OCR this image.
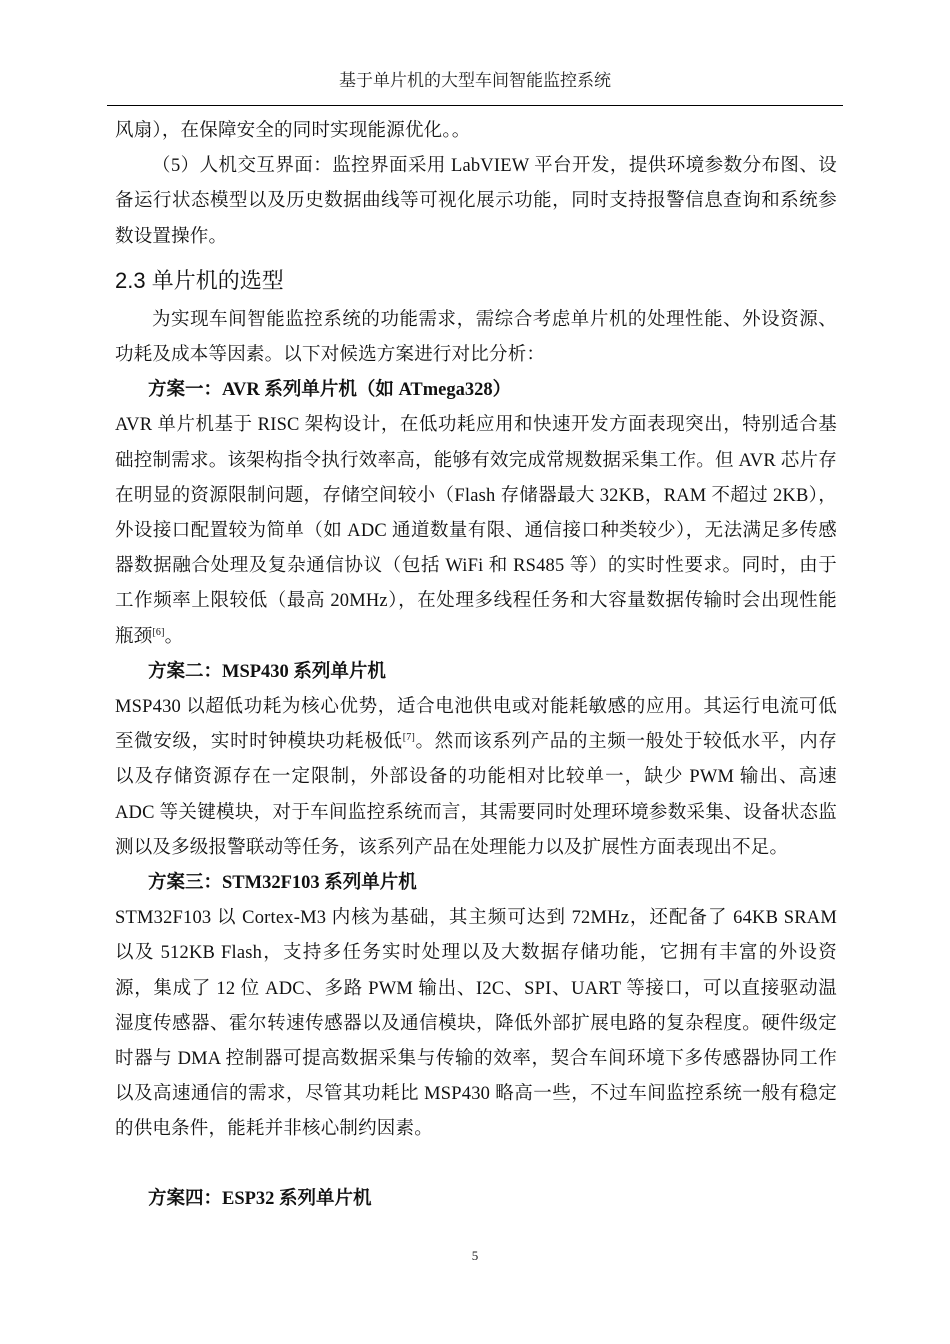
基于单片机的大型车间智能监控系统

风扇），在保障安全的同时实现能源优化。。

（5）人机交互界面：监控界面采用 LabVIEW 平台开发，提供环境参数分布图、设备运行状态模型以及历史数据曲线等可视化展示功能，同时支持报警信息查询和系统参数设置操作。

2.3 单片机的选型

为实现车间智能监控系统的功能需求，需综合考虑单片机的处理性能、外设资源、功耗及成本等因素。以下对候选方案进行对比分析：

方案一：AVR 系列单片机（如 ATmega328）

AVR 单片机基于 RISC 架构设计，在低功耗应用和快速开发方面表现突出，特别适合基础控制需求。该架构指令执行效率高，能够有效完成常规数据采集工作。但 AVR 芯片存在明显的资源限制问题，存储空间较小（Flash 存储器最大 32KB，RAM 不超过 2KB），外设接口配置较为简单（如 ADC 通道数量有限、通信接口种类较少），无法满足多传感器数据融合处理及复杂通信协议（包括 WiFi 和 RS485 等）的实时性要求。同时，由于工作频率上限较低（最高 20MHz），在处理多线程任务和大容量数据传输时会出现性能瓶颈[6]。

方案二：MSP430 系列单片机

MSP430 以超低功耗为核心优势，适合电池供电或对能耗敏感的应用。其运行电流可低至微安级，实时时钟模块功耗极低[7]。然而该系列产品的主频一般处于较低水平，内存以及存储资源存在一定限制，外部设备的功能相对比较单一，缺少 PWM 输出、高速 ADC 等关键模块，对于车间监控系统而言，其需要同时处理环境参数采集、设备状态监测以及多级报警联动等任务，该系列产品在处理能力以及扩展性方面表现出不足。

方案三：STM32F103 系列单片机

STM32F103 以 Cortex-M3 内核为基础，其主频可达到 72MHz，还配备了 64KB SRAM 以及 512KB Flash，支持多任务实时处理以及大数据存储功能，它拥有丰富的外设资源，集成了 12 位 ADC、多路 PWM 输出、I2C、SPI、UART 等接口，可以直接驱动温湿度传感器、霍尔转速传感器以及通信模块，降低外部扩展电路的复杂程度。硬件级定时器与 DMA 控制器可提高数据采集与传输的效率，契合车间环境下多传感器协同工作以及高速通信的需求，尽管其功耗比 MSP430 略高一些，不过车间监控系统一般有稳定的供电条件，能耗并非核心制约因素。

方案四：ESP32 系列单片机

5
